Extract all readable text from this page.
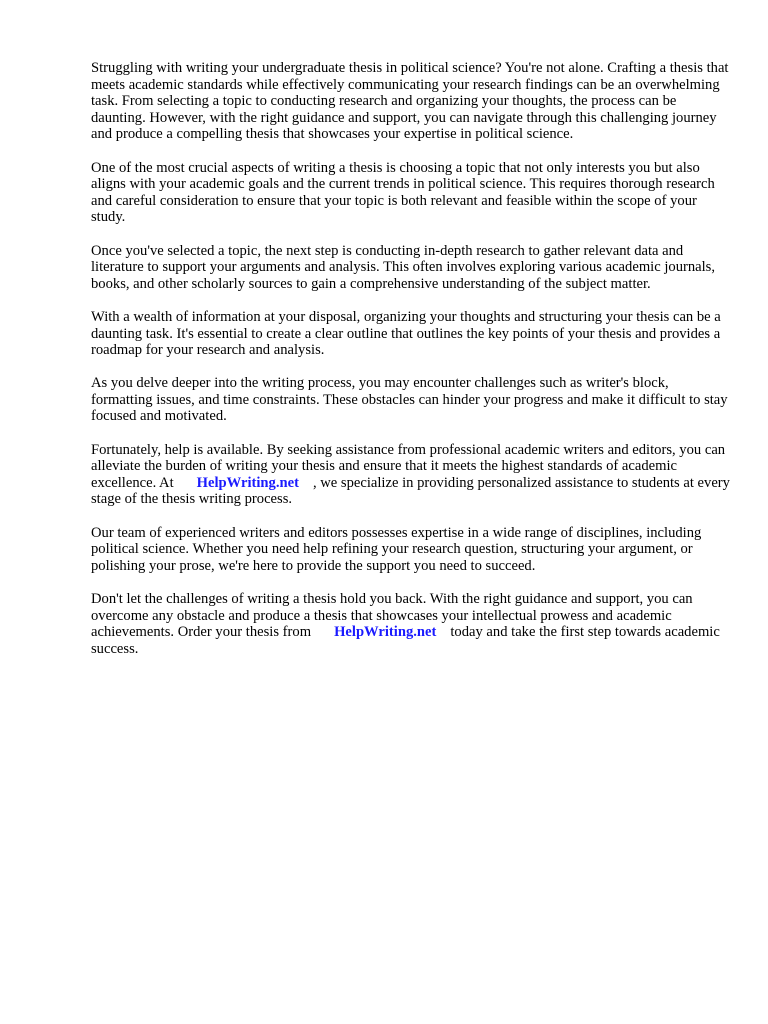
Struggling with writing your undergraduate thesis in political science? You're not alone. Crafting a thesis that meets academic standards while effectively communicating your research findings can be an overwhelming task. From selecting a topic to conducting research and organizing your thoughts, the process can be daunting. However, with the right guidance and support, you can navigate through this challenging journey and produce a compelling thesis that showcases your expertise in political science.

One of the most crucial aspects of writing a thesis is choosing a topic that not only interests you but also aligns with your academic goals and the current trends in political science. This requires thorough research and careful consideration to ensure that your topic is both relevant and feasible within the scope of your study.

Once you've selected a topic, the next step is conducting in-depth research to gather relevant data and literature to support your arguments and analysis. This often involves exploring various academic journals, books, and other scholarly sources to gain a comprehensive understanding of the subject matter.

With a wealth of information at your disposal, organizing your thoughts and structuring your thesis can be a daunting task. It's essential to create a clear outline that outlines the key points of your thesis and provides a roadmap for your research and analysis.

As you delve deeper into the writing process, you may encounter challenges such as writer's block, formatting issues, and time constraints. These obstacles can hinder your progress and make it difficult to stay focused and motivated.

Fortunately, help is available. By seeking assistance from professional academic writers and editors, you can alleviate the burden of writing your thesis and ensure that it meets the highest standards of academic excellence. At HelpWriting.net , we specialize in providing personalized assistance to students at every stage of the thesis writing process.

Our team of experienced writers and editors possesses expertise in a wide range of disciplines, including political science. Whether you need help refining your research question, structuring your argument, or polishing your prose, we're here to provide the support you need to succeed.

Don't let the challenges of writing a thesis hold you back. With the right guidance and support, you can overcome any obstacle and produce a thesis that showcases your intellectual prowess and academic achievements. Order your thesis from HelpWriting.net today and take the first step towards academic success.
